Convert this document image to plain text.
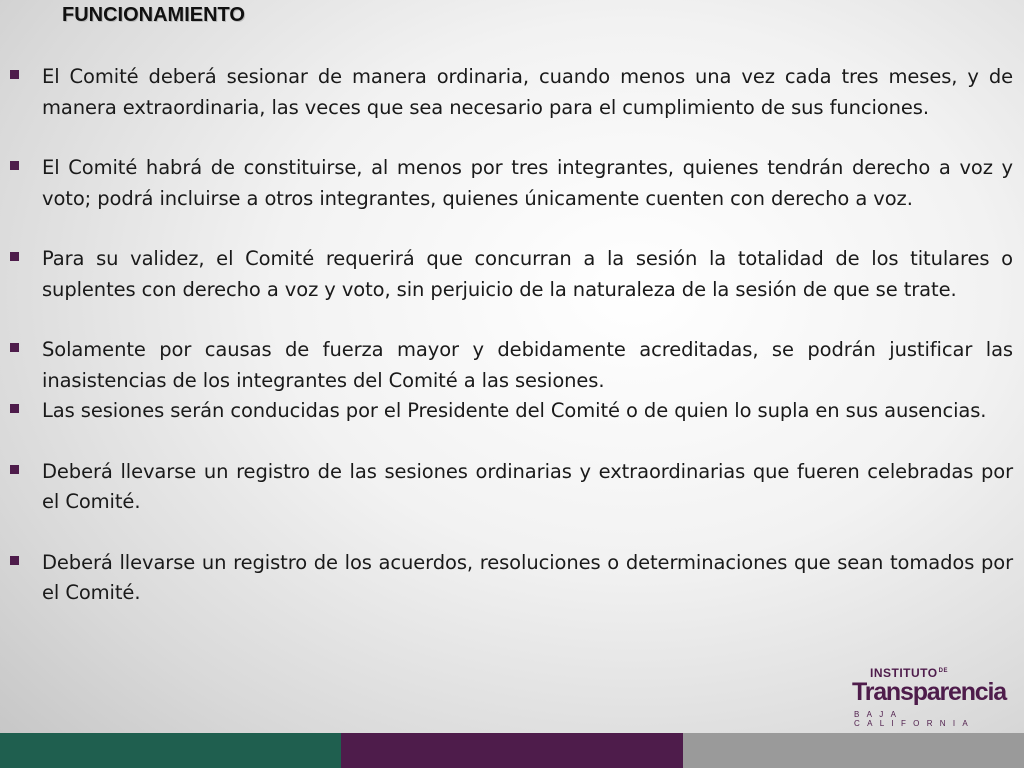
FUNCIONAMIENTO
El Comité deberá sesionar de manera ordinaria, cuando menos una vez cada tres meses, y de manera extraordinaria, las veces que sea necesario para el cumplimiento de sus funciones.
El Comité habrá de constituirse, al menos por tres integrantes, quienes tendrán derecho a voz y voto; podrá incluirse a otros integrantes, quienes únicamente cuenten con derecho a voz.
Para su validez, el Comité requerirá que concurran a la sesión la totalidad de los titulares o suplentes con derecho a voz y voto, sin perjuicio de la naturaleza de la sesión de que se trate.
Solamente por causas de fuerza mayor y debidamente acreditadas, se podrán justificar las inasistencias de los integrantes del Comité a las sesiones.
Las sesiones serán conducidas por el Presidente del Comité o de quien lo supla en sus ausencias.
Deberá llevarse un registro de las sesiones ordinarias y extraordinarias que fueren celebradas por el Comité.
Deberá llevarse un registro de los acuerdos, resoluciones o determinaciones que sean tomados por el Comité.
$INSTITUTO^{DE}$
Transparencia
BAJA CALIFORNIA
